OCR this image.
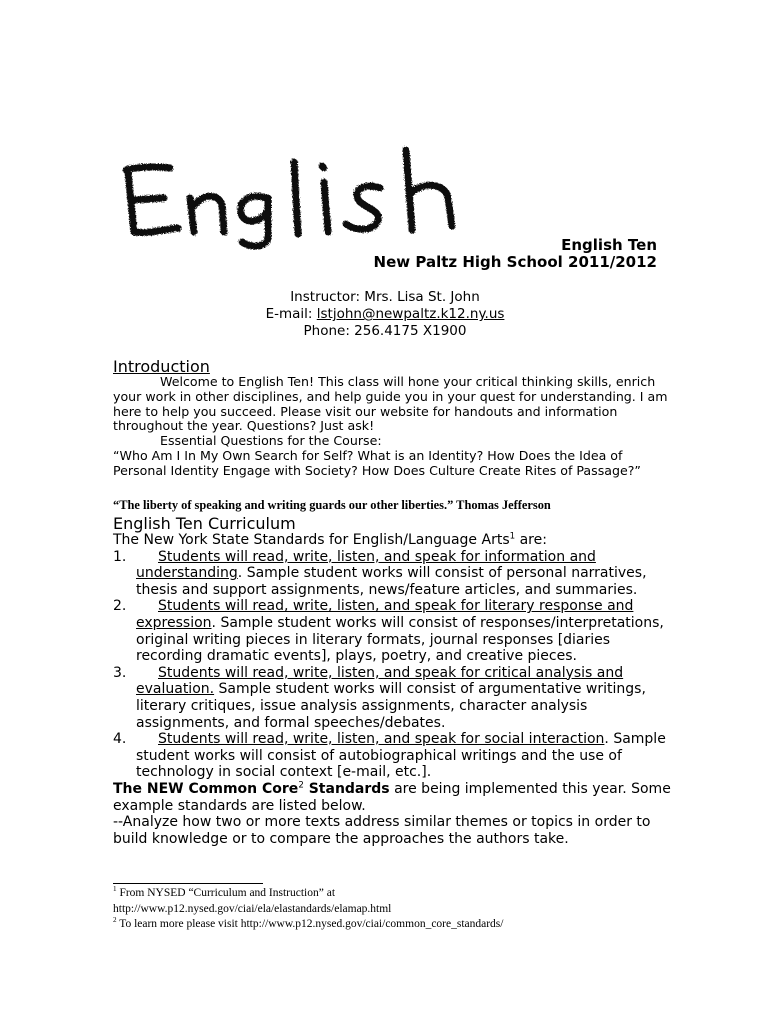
English Ten
New Paltz High School 2011/2012
Instructor: Mrs. Lisa St. John
E-mail: lstjohn@newpaltz.k12.ny.us
Phone: 256.4175 X1900
Introduction
Welcome to English Ten! This class will hone your critical thinking skills, enrich your work in other disciplines, and help guide you in your quest for understanding. I am here to help you succeed. Please visit our website for handouts and information throughout the year. Questions? Just ask!
Essential Questions for the Course:
“Who Am I In My Own Search for Self? What is an Identity? How Does the Idea of Personal Identity Engage with Society? How Does Culture Create Rites of Passage?”
“The liberty of speaking and writing guards our other liberties.” Thomas Jefferson
English Ten Curriculum
The New York State Standards for English/Language Arts$^1$ are:
1. Students will read, write, listen, and speak for information and understanding. Sample student works will consist of personal narratives, thesis and support assignments, news/feature articles, and summaries.
2. Students will read, write, listen, and speak for literary response and expression. Sample student works will consist of responses/interpretations, original writing pieces in literary formats, journal responses [diaries recording dramatic events], plays, poetry, and creative pieces.
3. Students will read, write, listen, and speak for critical analysis and evaluation. Sample student works will consist of argumentative writings, literary critiques, issue analysis assignments, character analysis assignments, and formal speeches/debates.
4. Students will read, write, listen, and speak for social interaction. Sample student works will consist of autobiographical writings and the use of technology in social context [e-mail, etc.].
The NEW Common Core$^2$ Standards are being implemented this year. Some example standards are listed below.
--Analyze how two or more texts address similar themes or topics in order to build knowledge or to compare the approaches the authors take.
$^1$ From NYSED “Curriculum and Instruction” at
http://www.p12.nysed.gov/ciai/ela/elastandards/elamap.html
$^2$ To learn more please visit http://www.p12.nysed.gov/ciai/common_core_standards/
